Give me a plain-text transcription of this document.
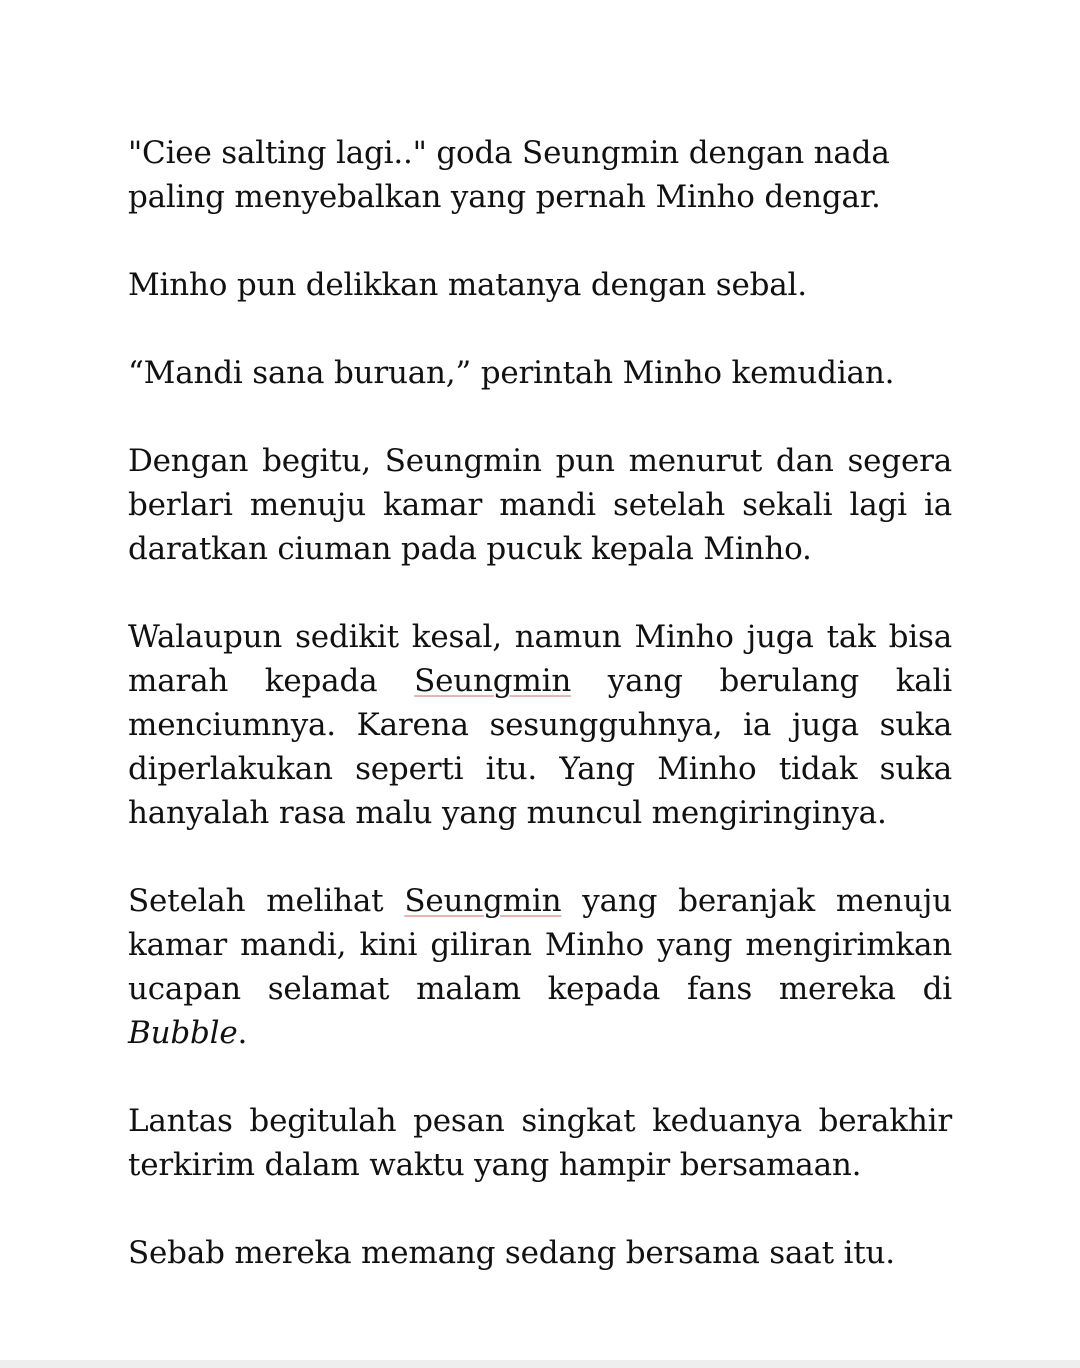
"Ciee salting lagi.." goda Seungmin dengan nada paling menyebalkan yang pernah Minho dengar.

Minho pun delikkan matanya dengan sebal.

“Mandi sana buruan,” perintah Minho kemudian.

Dengan begitu, Seungmin pun menurut dan segera berlari menuju kamar mandi setelah sekali lagi ia daratkan ciuman pada pucuk kepala Minho.

Walaupun sedikit kesal, namun Minho juga tak bisa marah kepada Seungmin yang berulang kali menciumnya. Karena sesungguhnya, ia juga suka diperlakukan seperti itu. Yang Minho tidak suka hanyalah rasa malu yang muncul mengiringinya.

Setelah melihat Seungmin yang beranjak menuju kamar mandi, kini giliran Minho yang mengirimkan ucapan selamat malam kepada fans mereka di Bubble.

Lantas begitulah pesan singkat keduanya berakhir terkirim dalam waktu yang hampir bersamaan.

Sebab mereka memang sedang bersama saat itu.
